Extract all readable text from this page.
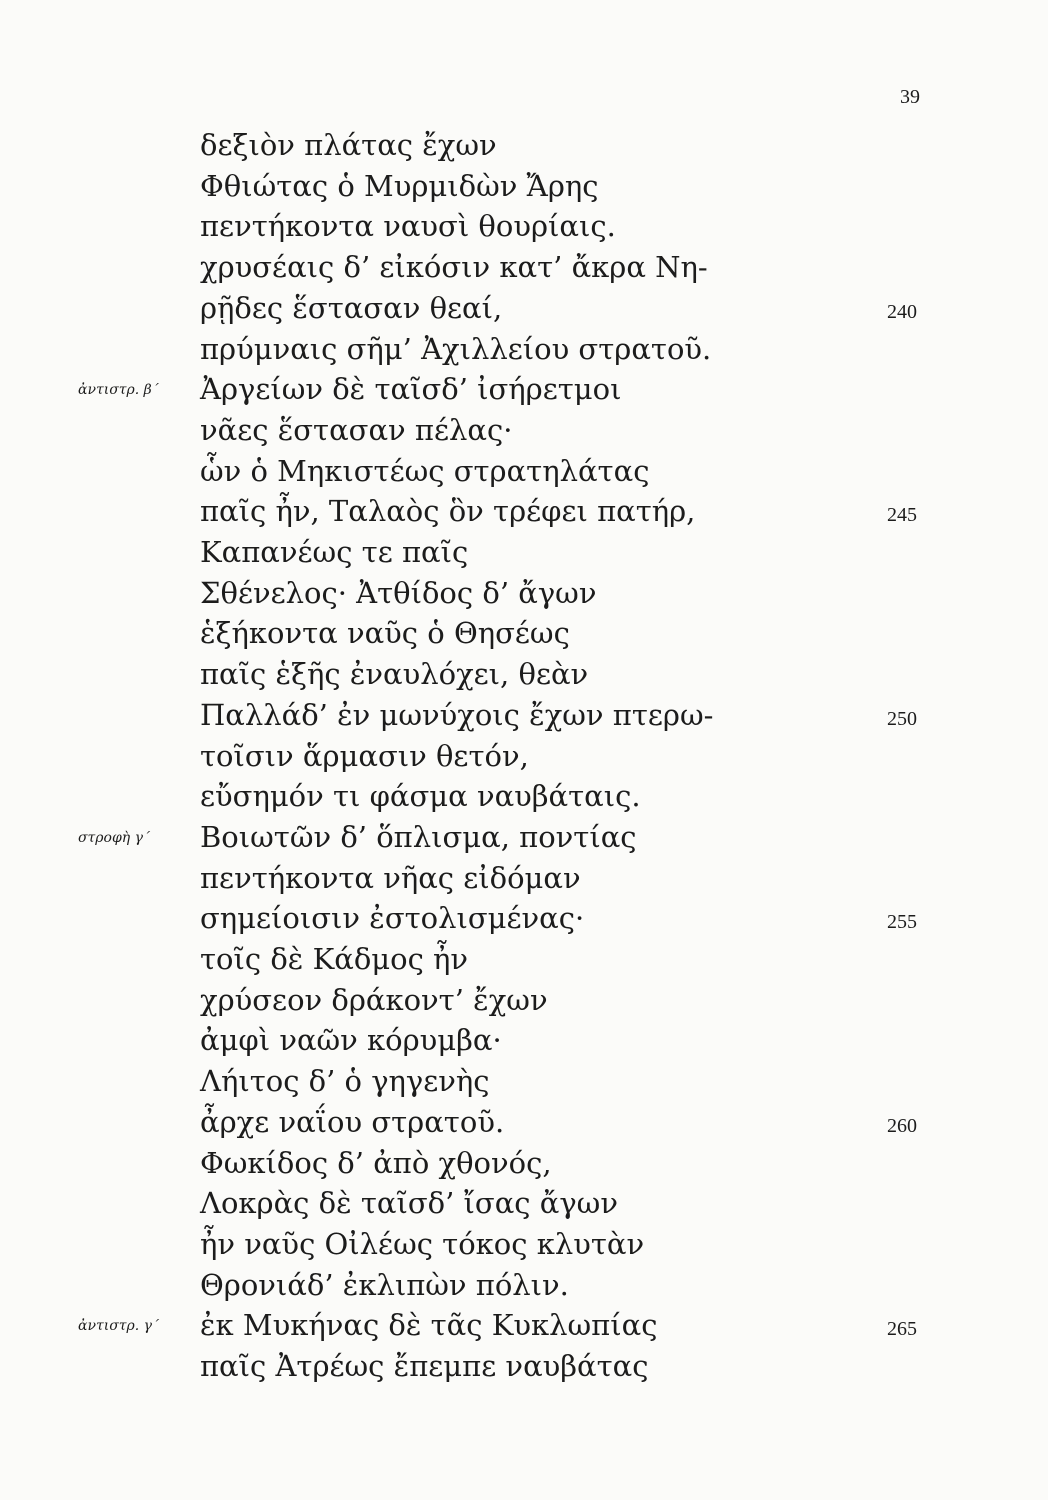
39
δεξιὸν πλάτας ἔχων
Φθιώτας ὁ Μυρμιδὼν Ἄρης
πεντήκοντα ναυσὶ θουρίαις.
χρυσέαις δ’ εἰκόσιν κατ’ ἄκρα Νη-
ρῇδες ἕστασαν θεαί,	240
πρύμναις σῆμ’ Ἀχιλλείου στρατοῦ.
Ἀργείων δὲ ταῖσδ’ ἰσήρετμοι
ἀντιστρ. β΄
νᾶες ἕστασαν πέλας·
ὧν ὁ Μηκιστέως στρατηλάτας
παῖς ἦν, Ταλαὸς ὃν τρέφει πατήρ,	245
Καπανέως τε παῖς
Σθένελος· Ἀτθίδος δ’ ἄγων
ἑξήκοντα ναῦς ὁ Θησέως
παῖς ἑξῆς ἐναυλόχει, θεὰν
Παλλάδ’ ἐν μωνύχοις ἔχων πτερω-	250
τοῖσιν ἅρμασιν θετόν,
εὔσημόν τι φάσμα ναυβάταις.
Βοιωτῶν δ’ ὅπλισμα, ποντίας
στροφὴ γ΄
πεντήκοντα νῆας εἰδόμαν
σημείοισιν ἐστολισμένας·	255
τοῖς δὲ Κάδμος ἦν
χρύσεον δράκοντ’ ἔχων
ἀμφὶ ναῶν κόρυμβα·
Λήιτος δ’ ὁ γηγενὴς
ἆρχε ναΐου στρατοῦ.	260
Φωκίδος δ’ ἀπὸ χθονός,
Λοκρὰς δὲ ταῖσδ’ ἴσας ἄγων
ἦν ναῦς Οἰλέως τόκος κλυτὰν
Θρονιάδ’ ἐκλιπὼν πόλιν.
ἐκ Μυκήνας δὲ τᾶς Κυκλωπίας
ἀντιστρ. γ΄	265
παῖς Ἀτρέως ἔπεμπε ναυβάτας
